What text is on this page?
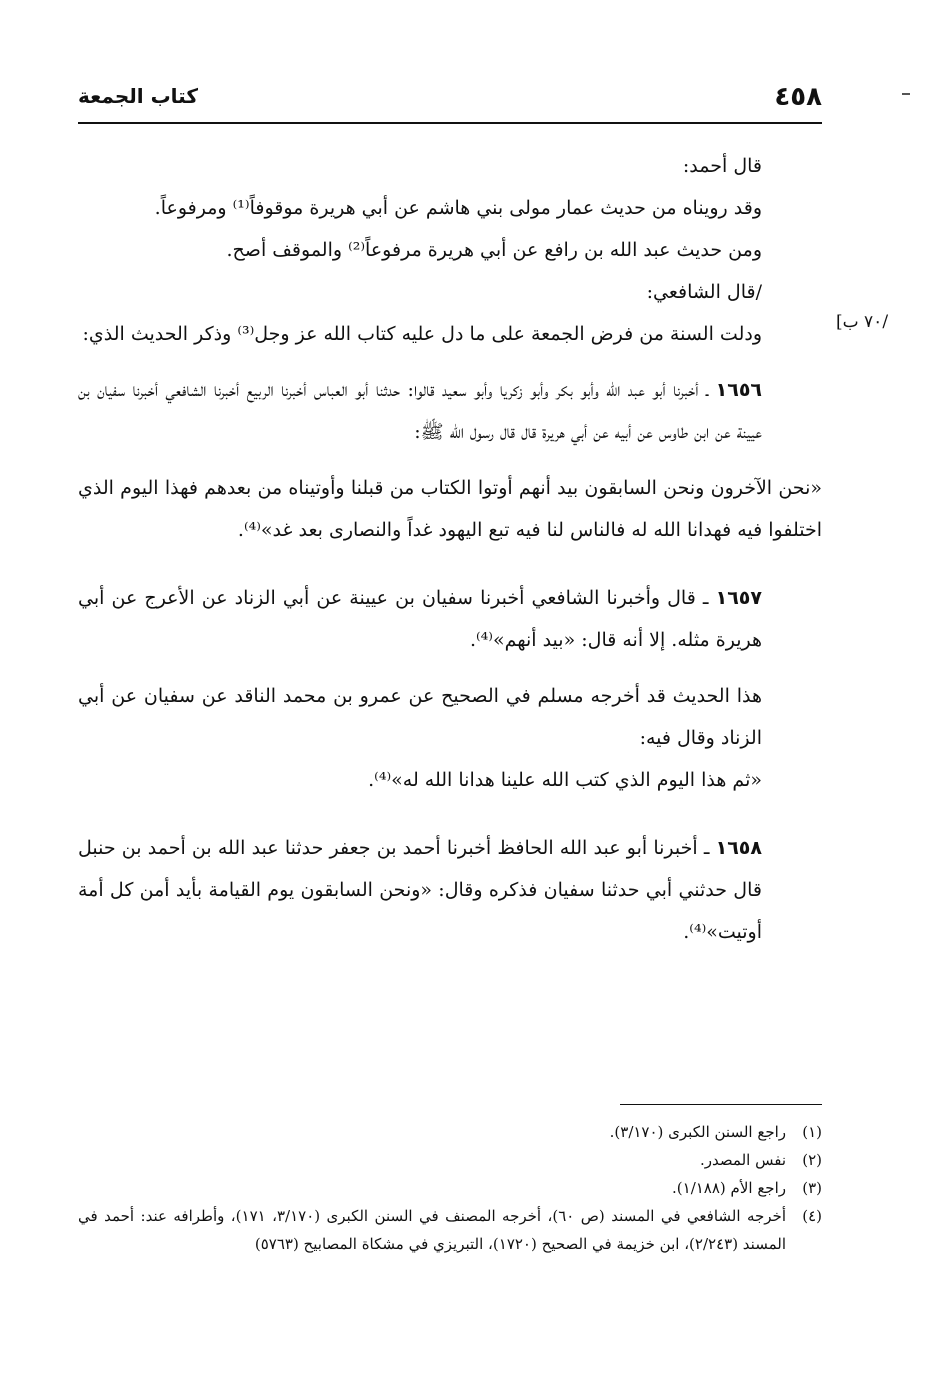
٤٥٨
كتاب الجمعة
/٧٠ ب]

قال أحمد:

وقد رويناه من حديث عمار مولى بني هاشم عن أبي هريرة موقوفاً⁽¹⁾ ومرفوعاً.

ومن حديث عبد الله بن رافع عن أبي هريرة مرفوعاً⁽²⁾ والموقف أصح.

/قال الشافعي:

ودلت السنة من فرض الجمعة على ما دل عليه كتاب الله عز وجل⁽³⁾ وذكر الحديث الذي:

١٦٥٦ ـ أخبرنا أبو عبد الله وأبو بكر وأبو زكريا وأبو سعيد قالوا: حدثنا أبو العباس أخبرنا الربيع أخبرنا الشافعي أخبرنا سفيان بن عيينة عن ابن طاوس عن أبيه عن أبي هريرة قال قال رسول الله ﷺ:

«نحن الآخرون ونحن السابقون بيد أنهم أوتوا الكتاب من قبلنا وأوتيناه من بعدهم فهذا اليوم الذي اختلفوا فيه فهدانا الله له فالناس لنا فيه تبع اليهود غداً والنصارى بعد غد»⁽⁴⁾.

١٦٥٧ ـ قال وأخبرنا الشافعي أخبرنا سفيان بن عيينة عن أبي الزناد عن الأعرج عن أبي هريرة مثله. إلا أنه قال: «بيد أنهم»⁽⁴⁾.

هذا الحديث قد أخرجه مسلم في الصحيح عن عمرو بن محمد الناقد عن سفيان عن أبي الزناد وقال فيه:

«ثم هذا اليوم الذي كتب الله علينا هدانا الله له»⁽⁴⁾.

١٦٥٨ ـ أخبرنا أبو عبد الله الحافظ أخبرنا أحمد بن جعفر حدثنا عبد الله بن أحمد بن حنبل قال حدثني أبي حدثنا سفيان فذكره وقال: «ونحن السابقون يوم القيامة بأيد أمن كل أمة أوتيت»⁽⁴⁾.

(١)
راجع السنن الكبرى (٣/١٧٠).

(٢)
نفس المصدر.

(٣)
راجع الأم (١/١٨٨).

(٤)
أخرجه الشافعي في المسند (ص ٦٠)، أخرجه المصنف في السنن الكبرى (٣/١٧٠، ١٧١)، وأطرافه عند: أحمد في المسند (٢/٢٤٣)، ابن خزيمة في الصحيح (١٧٢٠)، التبريزي في مشكاة المصابيح (٥٧٦٣)
